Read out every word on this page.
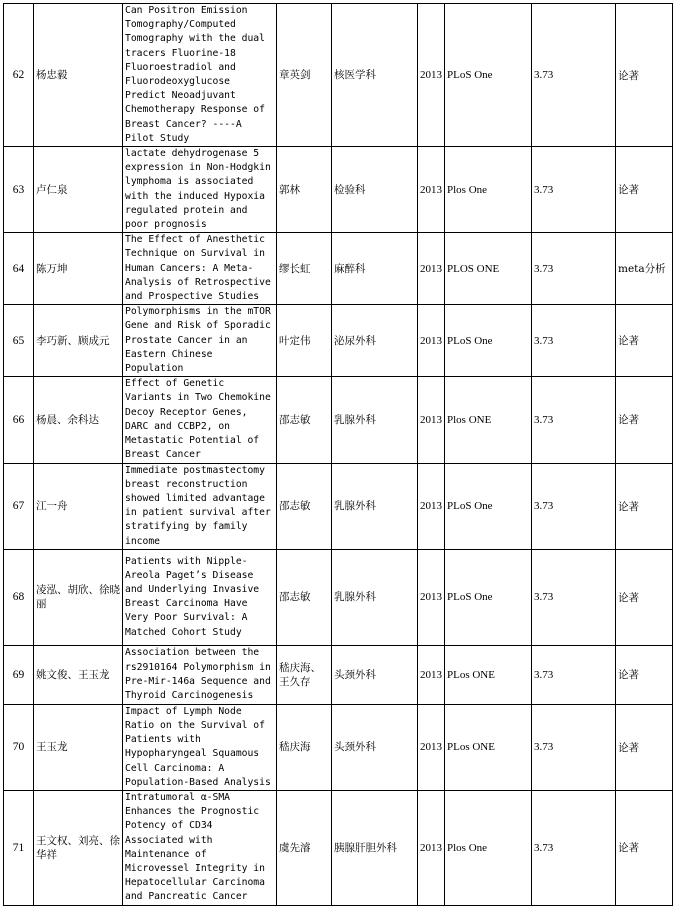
62	杨忠毅	Can Positron Emission Tomography/Computed Tomography with the dual tracers Fluorine-18 Fluoroestradiol and Fluorodeoxyglucose Predict Neoadjuvant Chemotherapy Response of Breast Cancer? ----A Pilot Study	章英剑	核医学科	2013	PLoS One	3.73	论著
63	卢仁泉	lactate dehydrogenase 5 expression in Non-Hodgkin lymphoma is associated with the induced Hypoxia regulated protein and poor prognosis	郭林	检验科	2013	Plos One	3.73	论著
64	陈万坤	The Effect of Anesthetic Technique on Survival in Human Cancers: A Meta-Analysis of Retrospective and Prospective Studies	缪长虹	麻醉科	2013	PLOS ONE	3.73	meta分析
65	李巧新、顾成元	Polymorphisms in the mTOR Gene and Risk of Sporadic Prostate Cancer in an Eastern Chinese Population	叶定伟	泌尿外科	2013	PLoS One	3.73	论著
66	杨晨、余科达	Effect of Genetic Variants in Two Chemokine Decoy Receptor Genes, DARC and CCBP2, on Metastatic Potential of Breast Cancer	邵志敏	乳腺外科	2013	Plos ONE	3.73	论著
67	江一舟	Immediate postmastectomy breast reconstruction showed limited advantage in patient survival after stratifying by family income	邵志敏	乳腺外科	2013	PLoS One	3.73	论著
68	凌泓、胡欣、徐晓丽	Patients with Nipple-Areola Paget’s Disease and Underlying Invasive Breast Carcinoma Have Very Poor Survival: A Matched Cohort Study	邵志敏	乳腺外科	2013	PLoS One	3.73	论著
69	姚文俊、王玉龙	Association between the rs2910164 Polymorphism in Pre-Mir-146a Sequence and Thyroid Carcinogenesis	嵇庆海、王久存	头颈外科	2013	PLos ONE	3.73	论著
70	王玉龙	Impact of Lymph Node Ratio on the Survival of Patients with Hypopharyngeal Squamous Cell Carcinoma: A Population-Based Analysis	嵇庆海	头颈外科	2013	PLos ONE	3.73	论著
71	王文权、刘亮、徐华祥	Intratumoral α-SMA Enhances the Prognostic Potency of CD34 Associated with Maintenance of Microvessel Integrity in Hepatocellular Carcinoma and Pancreatic Cancer	虞先濬	胰腺肝胆外科	2013	Plos One	3.73	论著
